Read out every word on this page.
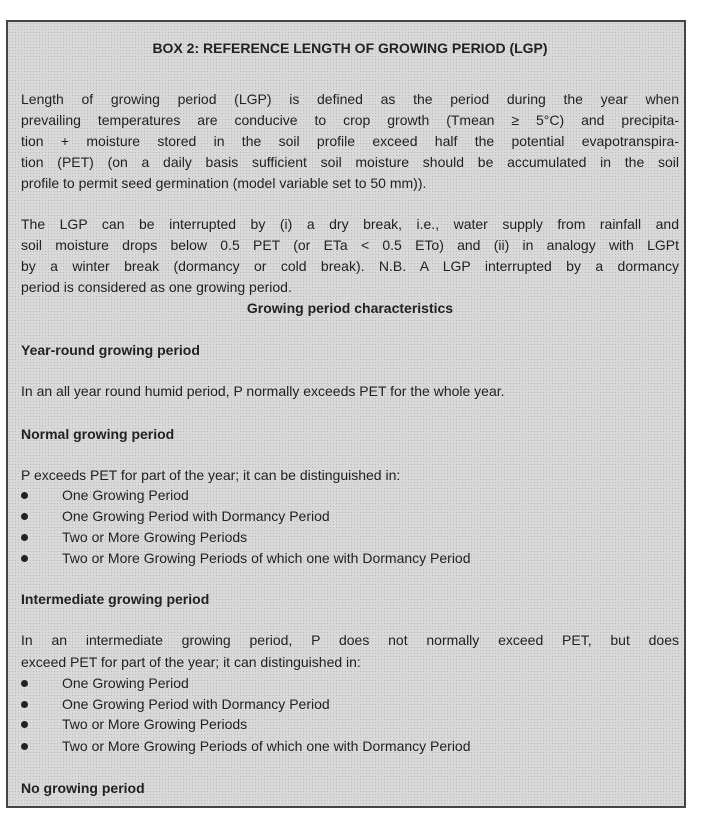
BOX 2: REFERENCE LENGTH OF GROWING PERIOD (LGP)
Length of growing period (LGP) is defined as the period during the year when
prevailing temperatures are conducive to crop growth (Tmean ≥ 5°C) and precipita-
tion + moisture stored in the soil profile exceed half the potential evapotranspira-
tion (PET) (on a daily basis sufficient soil moisture should be accumulated in the soil
profile to permit seed germination (model variable set to 50 mm)).
The LGP can be interrupted by (i) a dry break, i.e., water supply from rainfall and
soil moisture drops below 0.5 PET (or ETa < 0.5 ETo) and (ii) in analogy with LGPt
by a winter break (dormancy or cold break). N.B. A LGP interrupted by a dormancy
period is considered as one growing period.
Growing period characteristics
Year-round growing period
In an all year round humid period, P normally exceeds PET for the whole year.
Normal growing period
P exceeds PET for part of the year; it can be distinguished in:
One Growing Period
One Growing Period with Dormancy Period
Two or More Growing Periods
Two or More Growing Periods of which one with Dormancy Period
Intermediate growing period
In an intermediate growing period, P does not normally exceed PET, but does
exceed PET for part of the year; it can distinguished in:
One Growing Period
One Growing Period with Dormancy Period
Two or More Growing Periods
Two or More Growing Periods of which one with Dormancy Period
No growing period
